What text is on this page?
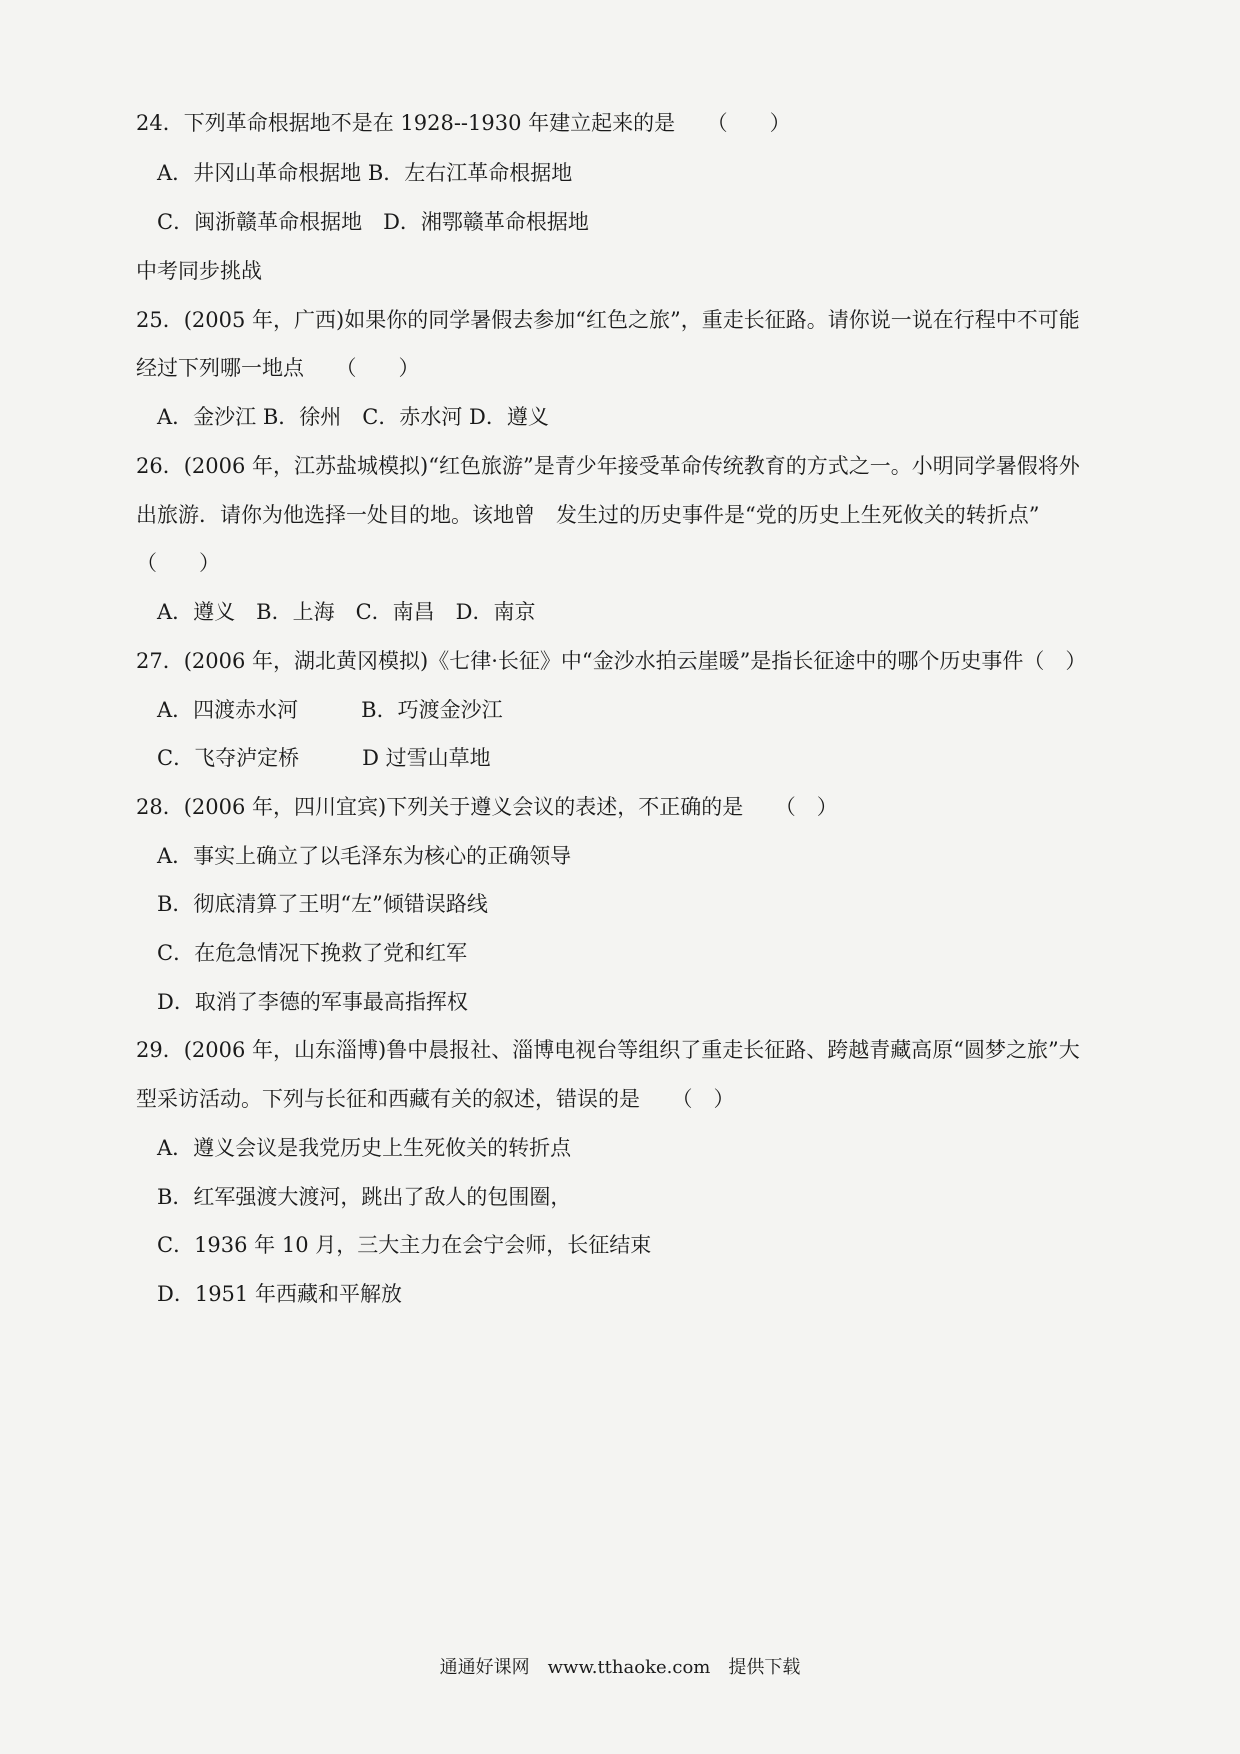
24．下列革命根据地不是在 1928--1930 年建立起来的是　　（　　）
A．井冈山革命根据地 B．左右江革命根据地
C．闽浙赣革命根据地　D．湘鄂赣革命根据地
中考同步挑战
25．(2005 年，广西)如果你的同学暑假去参加“红色之旅”，重走长征路。请你说一说在行程中不可能
经过下列哪一地点　　（　　）
A．金沙江 B．徐州　C．赤水河 D．遵义
26．(2006 年，江苏盐城模拟)“红色旅游”是青少年接受革命传统教育的方式之一。小明同学暑假将外
出旅游．请你为他选择一处目的地。该地曾　发生过的历史事件是“党的历史上生死攸关的转折点”
（　　）
A．遵义　B．上海　C．南昌　D．南京
27．(2006 年，湖北黄冈模拟)《七律·长征》中“金沙水拍云崖暖”是指长征途中的哪个历史事件（　）
A．四渡赤水河　　　B．巧渡金沙江
C．飞夺泸定桥　　　D 过雪山草地
28．(2006 年，四川宜宾)下列关于遵义会议的表述，不正确的是　　（　）
A．事实上确立了以毛泽东为核心的正确领导
B．彻底清算了王明“左”倾错误路线
C．在危急情况下挽救了党和红军
D．取消了李德的军事最高指挥权
29．(2006 年，山东淄博)鲁中晨报社、淄博电视台等组织了重走长征路、跨越青藏高原“圆梦之旅”大
型采访活动。下列与长征和西藏有关的叙述，错误的是　　（　）
A．遵义会议是我党历史上生死攸关的转折点
B．红军强渡大渡河，跳出了敌人的包围圈，
C．1936 年 10 月，三大主力在会宁会师，长征结束
D．1951 年西藏和平解放
通通好课网　www.tthaoke.com　提供下载
